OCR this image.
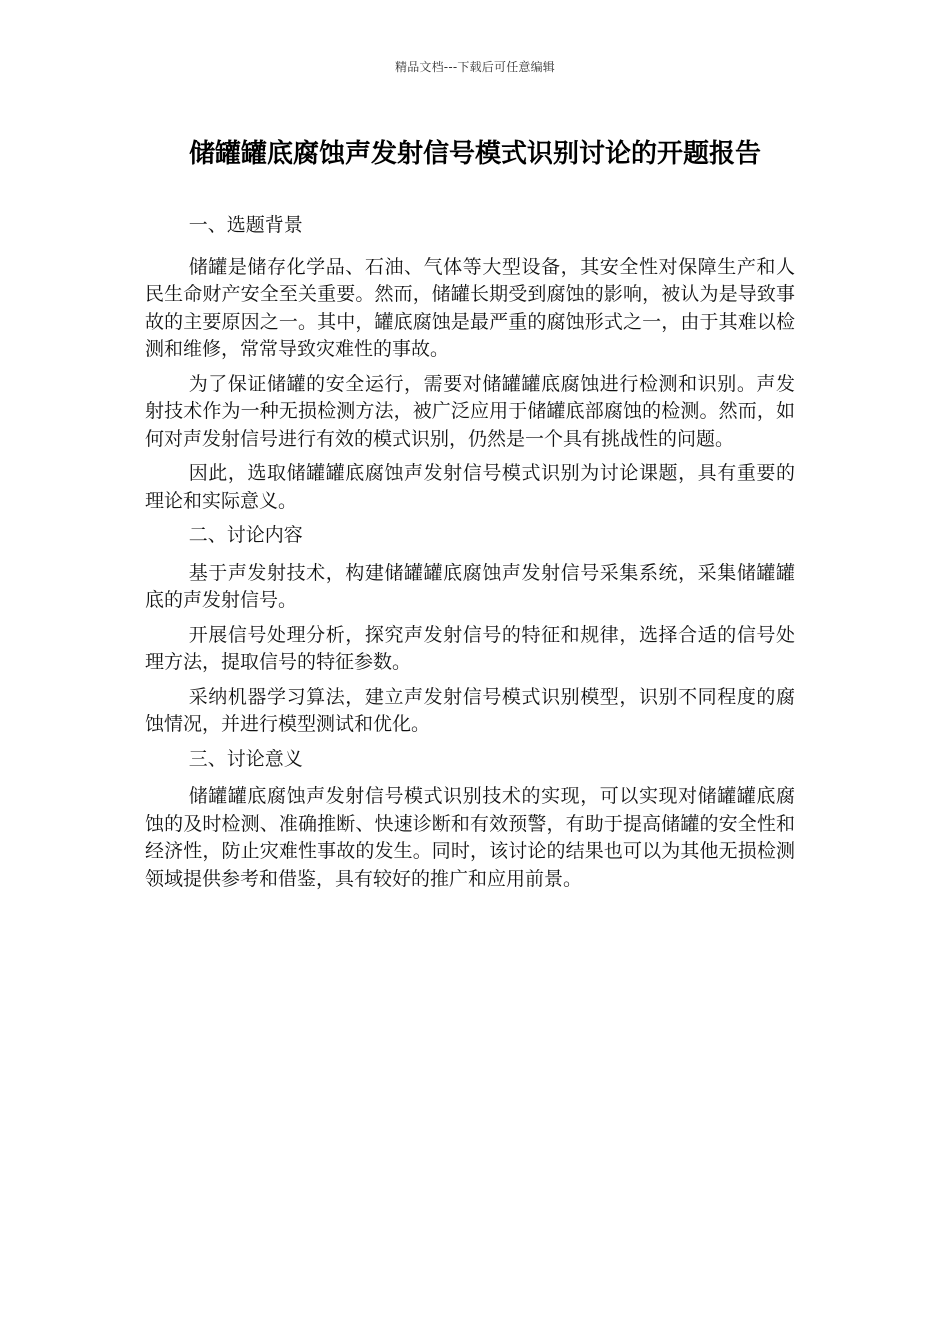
精品文档---下载后可任意编辑
储罐罐底腐蚀声发射信号模式识别讨论的开题报告
一、选题背景

储罐是储存化学品、石油、气体等大型设备，其安全性对保障生产和人民生命财产安全至关重要。然而，储罐长期受到腐蚀的影响，被认为是导致事故的主要原因之一。其中，罐底腐蚀是最严重的腐蚀形式之一，由于其难以检测和维修，常常导致灾难性的事故。

为了保证储罐的安全运行，需要对储罐罐底腐蚀进行检测和识别。声发射技术作为一种无损检测方法，被广泛应用于储罐底部腐蚀的检测。然而，如何对声发射信号进行有效的模式识别，仍然是一个具有挑战性的问题。

因此，选取储罐罐底腐蚀声发射信号模式识别为讨论课题，具有重要的理论和实际意义。

二、讨论内容

基于声发射技术，构建储罐罐底腐蚀声发射信号采集系统，采集储罐罐底的声发射信号。

开展信号处理分析，探究声发射信号的特征和规律，选择合适的信号处理方法，提取信号的特征参数。

采纳机器学习算法，建立声发射信号模式识别模型，识别不同程度的腐蚀情况，并进行模型测试和优化。

三、讨论意义

储罐罐底腐蚀声发射信号模式识别技术的实现，可以实现对储罐罐底腐蚀的及时检测、准确推断、快速诊断和有效预警，有助于提高储罐的安全性和经济性，防止灾难性事故的发生。同时，该讨论的结果也可以为其他无损检测领域提供参考和借鉴，具有较好的推广和应用前景。
